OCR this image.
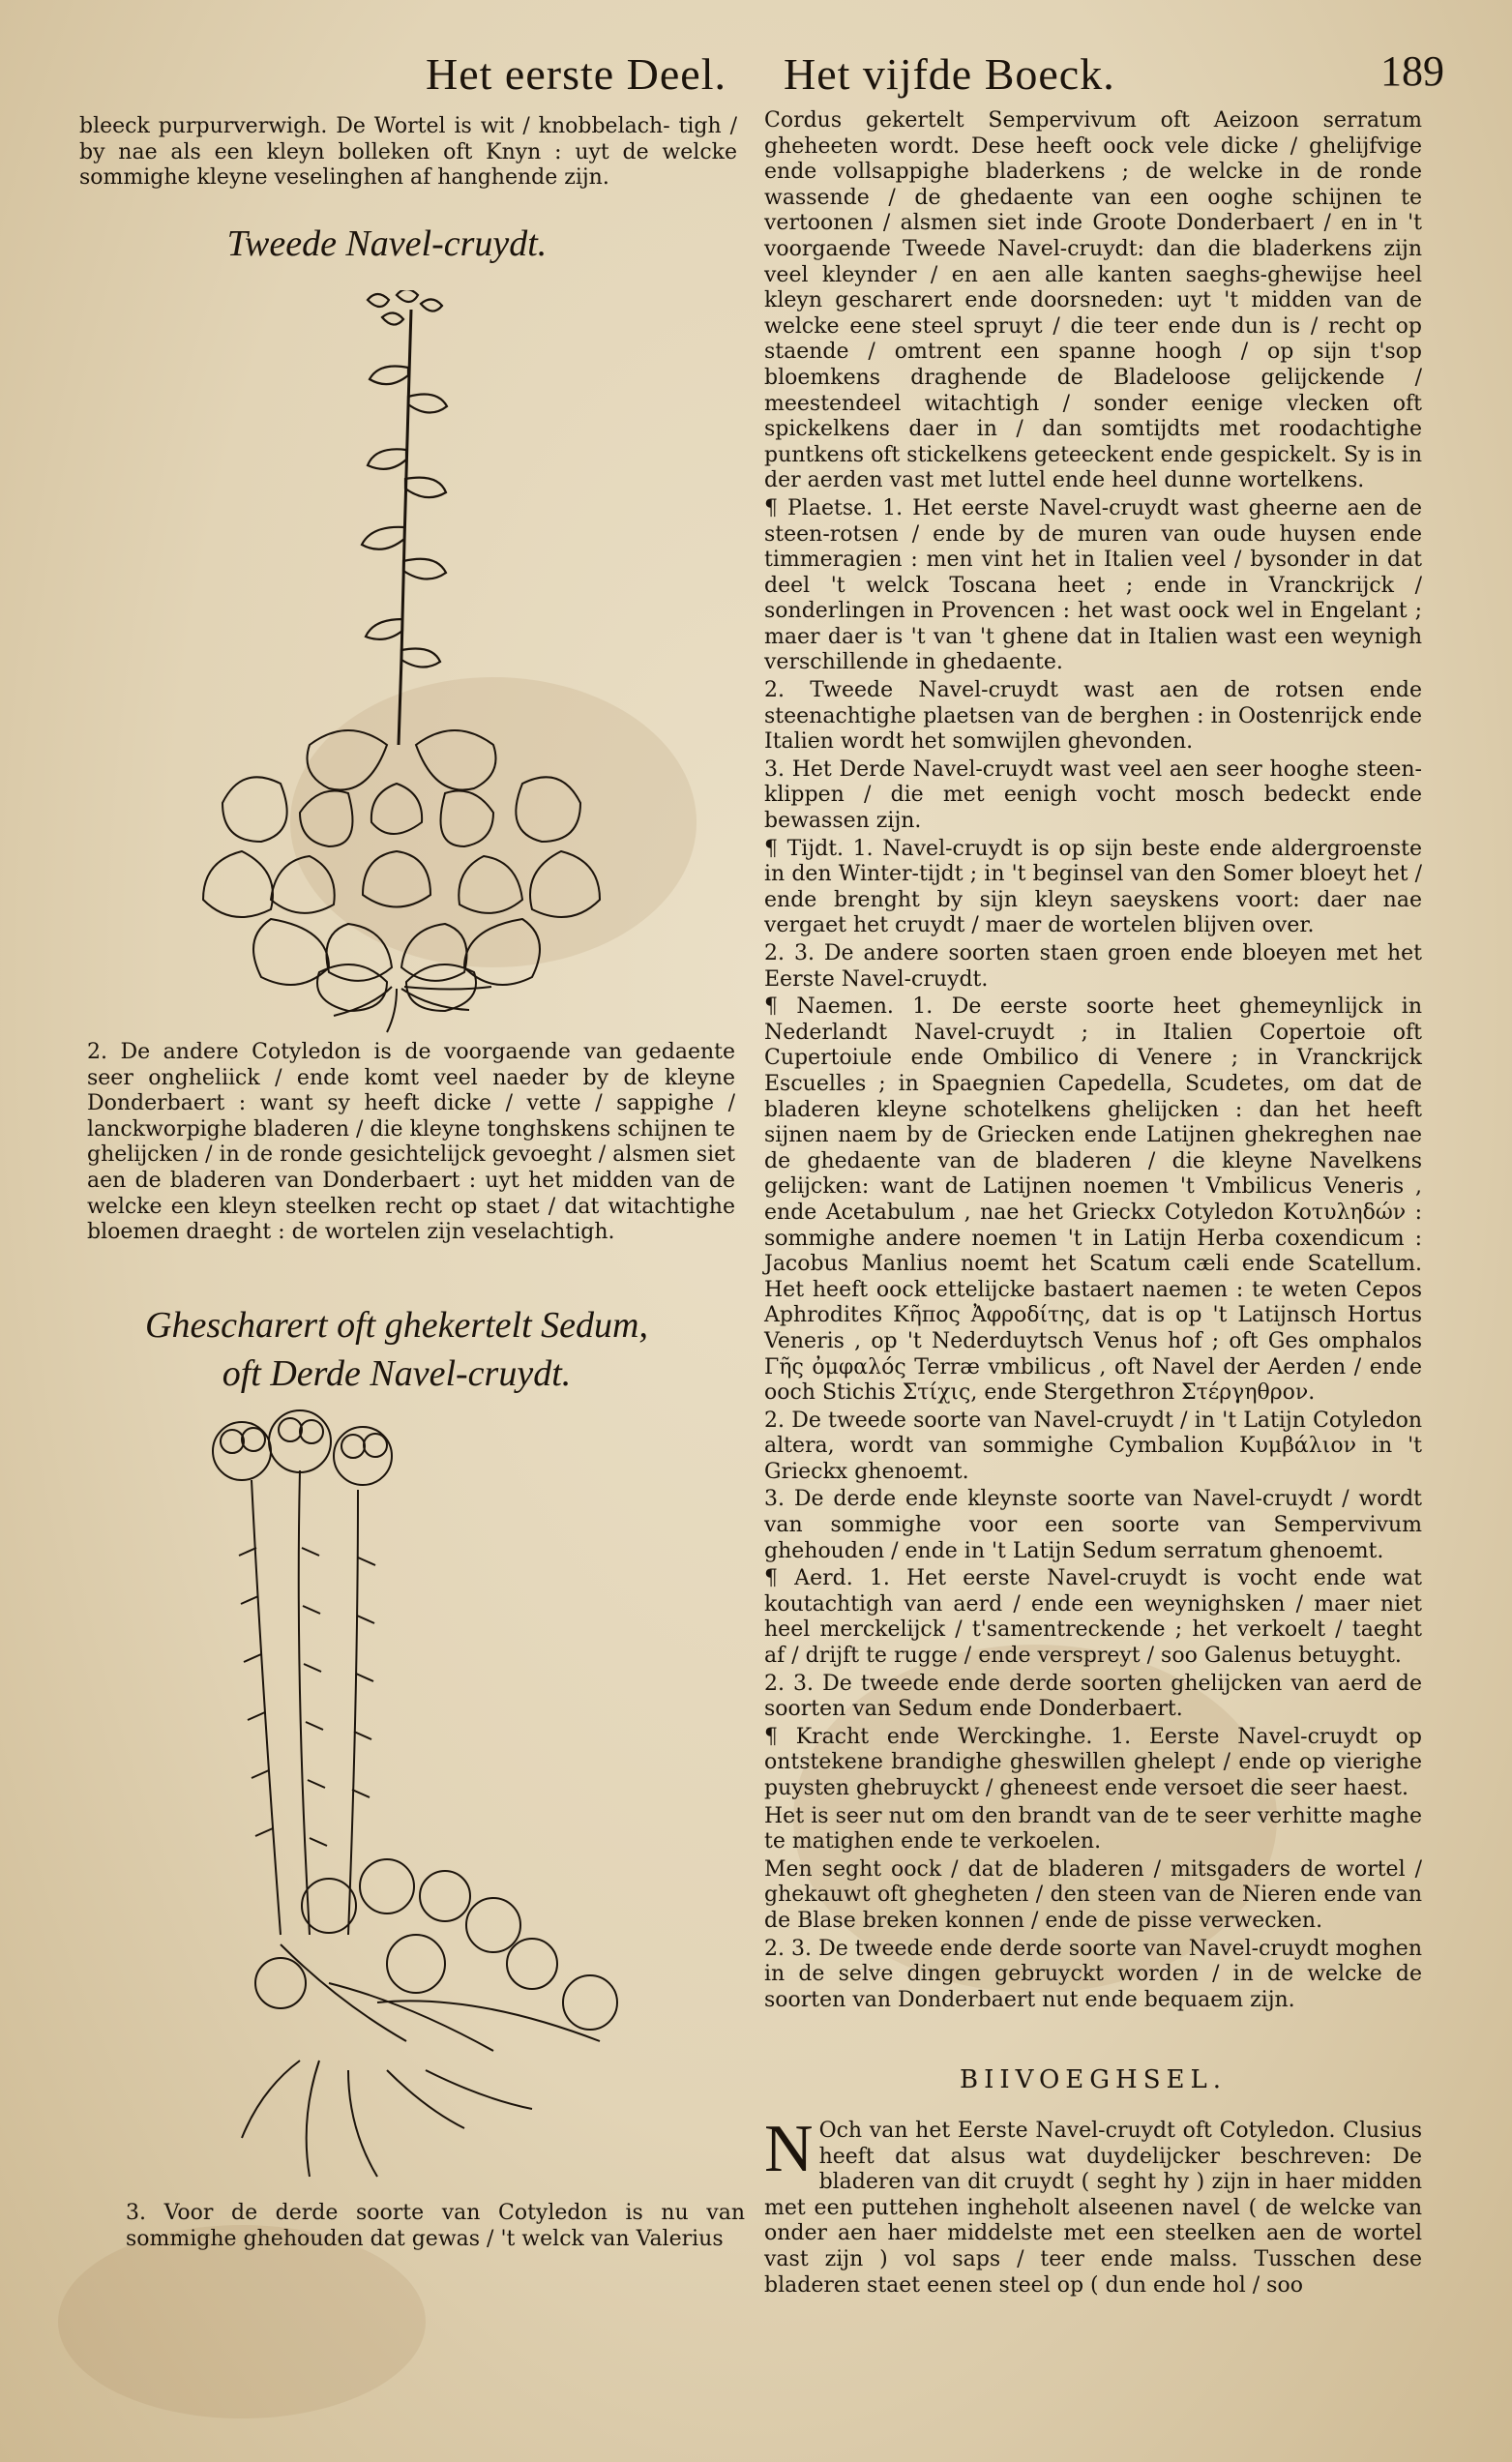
Het eerste Deel. Het vijfde Boeck.	189

bleeck purpurverwigh. De Wortel is wit / knobbelach- tigh / by nae als een kleyn bolleken oft Knyn : uyt de welcke sommighe kleyne veselinghen af hanghende zijn.

Tweede Navel-cruydt.

2. De andere Cotyledon is de voorgaende van gedaente seer ongheliick / ende komt veel naeder by de kleyne Donderbaert : want sy heeft dicke / vette / sappighe / lanckworpighe bladeren / die kleyne tonghskens schijnen te ghelijcken / in de ronde gesichtelijck gevoeght / alsmen siet aen de bladeren van Donderbaert : uyt het midden van de welcke een kleyn steelken recht op staet / dat witachtighe bloemen draeght : de wortelen zijn veselachtigh.

Ghescharert oft ghekertelt Sedum,
oft Derde Navel-cruydt.

3. Voor de derde soorte van Cotyledon is nu van sommighe ghehouden dat gewas / 't welck van Valerius

Cordus gekertelt Sempervivum oft Aeizoon serratum gheheeten wordt. Dese heeft oock vele dicke / ghelijfvige ende vollsappighe bladerkens ; de welcke in de ronde wassende / de ghedaente van een ooghe schijnen te vertoonen / alsmen siet inde Groote Donderbaert / en in 't voorgaende Tweede Navel-cruydt: dan die bladerkens zijn veel kleynder / en aen alle kanten saeghs-ghewijse heel kleyn gescharert ende doorsneden: uyt 't midden van de welcke eene steel spruyt / die teer ende dun is / recht op staende / omtrent een spanne hoogh / op sijn t'sop bloemkens draghende de Bladeloose gelijckende / meestendeel witachtigh / sonder eenige vlecken oft spickelkens daer in / dan somtijdts met roodachtighe puntkens oft stickelkens geteeckent ende gespickelt. Sy is in der aerden vast met luttel ende heel dunne wortelkens.

¶ Plaetse. 1. Het eerste Navel-cruydt wast gheerne aen de steen-rotsen / ende by de muren van oude huysen ende timmeragien : men vint het in Italien veel / bysonder in dat deel 't welck Toscana heet ; ende in Vranckrijck / sonderlingen in Provencen : het wast oock wel in Engelant ; maer daer is 't van 't ghene dat in Italien wast een weynigh verschillende in ghedaente.

2. Tweede Navel-cruydt wast aen de rotsen ende steenachtighe plaetsen van de berghen : in Oostenrijck ende Italien wordt het somwijlen ghevonden.

3. Het Derde Navel-cruydt wast veel aen seer hooghe steen-klippen / die met eenigh vocht mosch bedeckt ende bewassen zijn.

¶ Tijdt. 1. Navel-cruydt is op sijn beste ende aldergroenste in den Winter-tijdt ; in 't beginsel van den Somer bloeyt het / ende brenght by sijn kleyn saeyskens voort: daer nae vergaet het cruydt / maer de wortelen blijven over.

2. 3. De andere soorten staen groen ende bloeyen met het Eerste Navel-cruydt.

¶ Naemen. 1. De eerste soorte heet ghemeynlijck in Nederlandt Navel-cruydt ; in Italien Copertoie oft Cupertoiule ende Ombilico di Venere ; in Vranckrijck Escuelles ; in Spaegnien Capedella, Scudetes, om dat de bladeren kleyne schotelkens ghelijcken : dan het heeft sijnen naem by de Griecken ende Latijnen ghekreghen nae de ghedaente van de bladeren / die kleyne Navelkens gelijcken: want de Latijnen noemen 't Vmbilicus Veneris , ende Acetabulum , nae het Grieckx Cotyledon Κοτυληδών : sommighe andere noemen 't in Latijn Herba coxendicum : Jacobus Manlius noemt het Scatum cæli ende Scatellum. Het heeft oock ettelijcke bastaert naemen : te weten Cepos Aphrodites Κῆπος Ἀφροδίτης, dat is op 't Latijnsch Hortus Veneris , op 't Nederduytsch Venus hof ; oft Ges omphalos Γῆς ὀμφαλός Terræ vmbilicus , oft Navel der Aerden / ende ooch Stichis Στίχις, ende Stergethron Στέργηθρον.

2. De tweede soorte van Navel-cruydt / in 't Latijn Cotyledon altera, wordt van sommighe Cymbalion Κυμβάλιον in 't Grieckx ghenoemt.

3. De derde ende kleynste soorte van Navel-cruydt / wordt van sommighe voor een soorte van Sempervivum ghehouden / ende in 't Latijn Sedum serratum ghenoemt.

¶ Aerd. 1. Het eerste Navel-cruydt is vocht ende wat koutachtigh van aerd / ende een weynighsken / maer niet heel merckelijck / t'samentreckende ; het verkoelt / taeght af / drijft te rugge / ende verspreyt / soo Galenus betuyght.

2. 3. De tweede ende derde soorten ghelijcken van aerd de soorten van Sedum ende Donderbaert.

¶ Kracht ende Werckinghe. 1. Eerste Navel-cruydt op ontstekene brandighe gheswillen ghelept / ende op vierighe puysten ghebruyckt / gheneest ende versoet die seer haest.

Het is seer nut om den brandt van de te seer verhitte maghe te matighen ende te verkoelen.

Men seght oock / dat de bladeren / mitsgaders de wortel / ghekauwt oft ghegheten / den steen van de Nieren ende van de Blase breken konnen / ende de pisse verwecken.

2. 3. De tweede ende derde soorte van Navel-cruydt moghen in de selve dingen gebruyckt worden / in de welcke de soorten van Donderbaert nut ende bequaem zijn.

BIIVOEGHSEL.

N Och van het Eerste Navel-cruydt oft Cotyledon. Clusius heeft dat alsus wat duydelijcker beschreven: De bladeren van dit cruydt ( seght hy ) zijn in haer midden met een puttehen ingheholt alseenen navel ( de welcke van onder aen haer middelste met een steelken aen de wortel vast zijn ) vol saps / teer ende malss. Tusschen dese bladeren staet eenen steel op ( dun ende hol / soo
